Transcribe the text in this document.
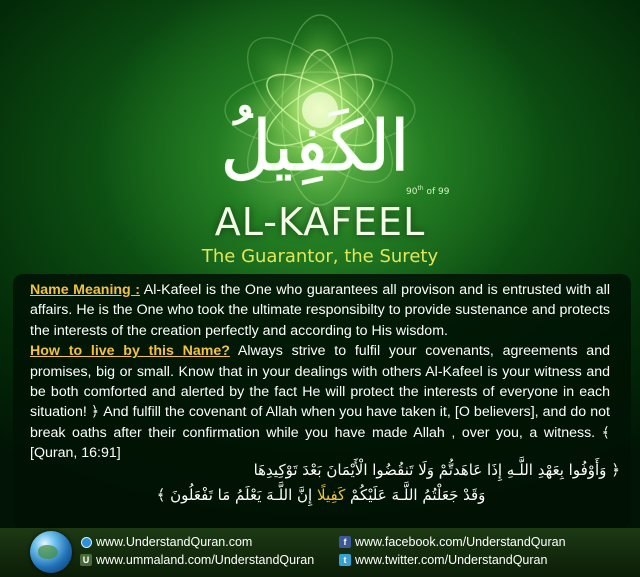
الكَفِيلُ
90th of 99
AL-KAFEEL
The Guarantor, the Surety
Name Meaning : Al-Kafeel is the One who guarantees all provison and is entrusted with all affairs. He is the One who took the ultimate responsibilty to provide sustenance and protects the interests of the creation perfectly and according to His wisdom.
How to live by this Name? Always strive to fulfil your covenants, agreements and promises, big or small. Know that in your dealings with others Al-Kafeel is your witness and be both comforted and alerted by the fact He will protect the interests of everyone in each situation! ﴿ And fulfill the covenant of Allah when you have taken it, [O believers], and do not break oaths after their confirmation while you have made Allah , over you, a witness. ﴾ [Quran, 16:91]
﴿ وَأَوْفُوا بِعَهْدِ اللَّـهِ إِذَا عَاهَدتُّمْ وَلَا تَنقُضُوا الْأَيْمَانَ بَعْدَ تَوْكِيدِهَا
وَقَدْ جَعَلْتُمُ اللَّـهَ عَلَيْكُمْ كَفِيلًا إِنَّ اللَّـهَ يَعْلَمُ مَا تَفْعَلُونَ ﴾
www.UnderstandQuran.com
U www.ummaland.com/UnderstandQuran
f www.facebook.com/UnderstandQuran
t www.twitter.com/UnderstandQuran
